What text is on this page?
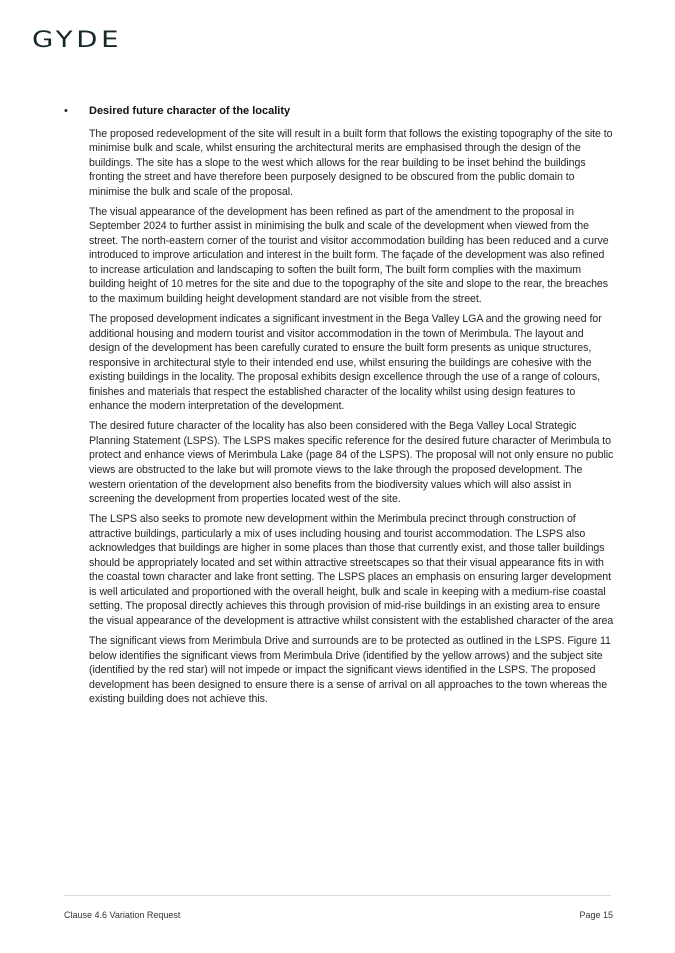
GYDE
• Desired future character of the locality

The proposed redevelopment of the site will result in a built form that follows the existing topography of the site to minimise bulk and scale, whilst ensuring the architectural merits are emphasised through the design of the buildings. The site has a slope to the west which allows for the rear building to be inset behind the buildings fronting the street and have therefore been purposely designed to be obscured from the public domain to minimise the bulk and scale of the proposal.

The visual appearance of the development has been refined as part of the amendment to the proposal in September 2024 to further assist in minimising the bulk and scale of the development when viewed from the street. The north-eastern corner of the tourist and visitor accommodation building has been reduced and a curve introduced to improve articulation and interest in the built form. The façade of the development was also refined to increase articulation and landscaping to soften the built form, The built form complies with the maximum building height of 10 metres for the site and due to the topography of the site and slope to the rear, the breaches to the maximum building height development standard are not visible from the street.

The proposed development indicates a significant investment in the Bega Valley LGA and the growing need for additional housing and modern tourist and visitor accommodation in the town of Merimbula. The layout and design of the development has been carefully curated to ensure the built form presents as unique structures, responsive in architectural style to their intended end use, whilst ensuring the buildings are cohesive with the existing buildings in the locality. The proposal exhibits design excellence through the use of a range of colours, finishes and materials that respect the established character of the locality whilst using design features to enhance the modern interpretation of the development.

The desired future character of the locality has also been considered with the Bega Valley Local Strategic Planning Statement (LSPS). The LSPS makes specific reference for the desired future character of Merimbula to protect and enhance views of Merimbula Lake (page 84 of the LSPS). The proposal will not only ensure no public views are obstructed to the lake but will promote views to the lake through the proposed development. The western orientation of the development also benefits from the biodiversity values which will also assist in screening the development from properties located west of the site.

The LSPS also seeks to promote new development within the Merimbula precinct through construction of attractive buildings, particularly a mix of uses including housing and tourist accommodation. The LSPS also acknowledges that buildings are higher in some places than those that currently exist, and those taller buildings should be appropriately located and set within attractive streetscapes so that their visual appearance fits in with the coastal town character and lake front setting. The LSPS places an emphasis on ensuring larger development is well articulated and proportioned with the overall height, bulk and scale in keeping with a medium-rise coastal setting. The proposal directly achieves this through provision of mid-rise buildings in an existing area to ensure the visual appearance of the development is attractive whilst consistent with the established character of the area

The significant views from Merimbula Drive and surrounds are to be protected as outlined in the LSPS. Figure 11 below identifies the significant views from Merimbula Drive (identified by the yellow arrows) and the subject site (identified by the red star) will not impede or impact the significant views identified in the LSPS. The proposed development has been designed to ensure there is a sense of arrival on all approaches to the town whereas the existing building does not achieve this.

Clause 4.6 Variation Request	Page 15
